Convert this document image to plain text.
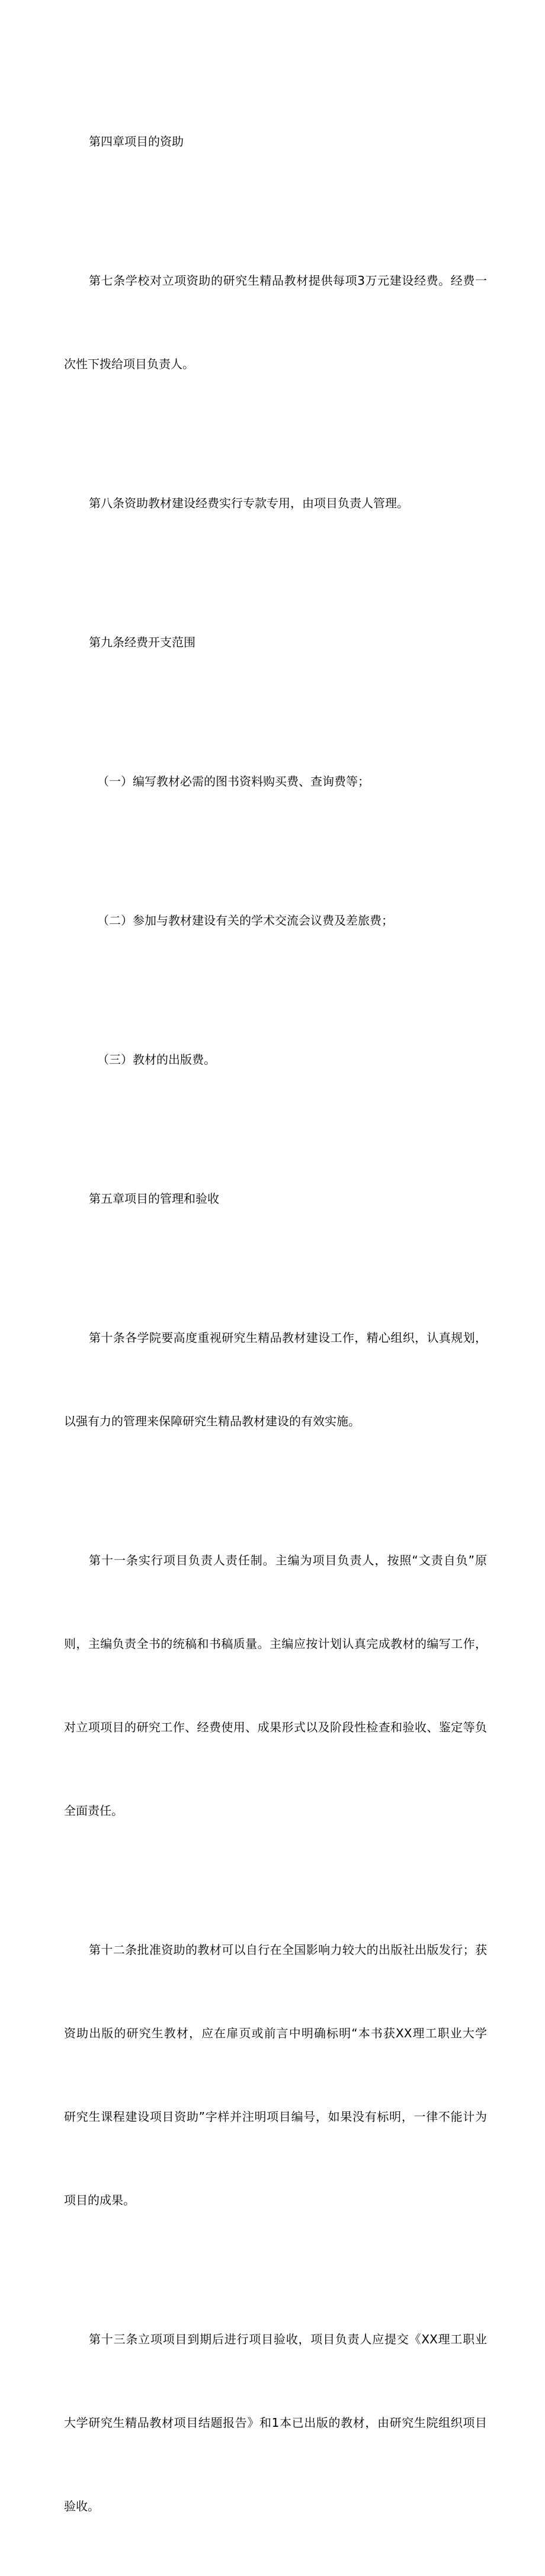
第四章项目的资助

第七条学校对立项资助的研究生精品教材提供每项3万元建设经费。经费一

次性下拨给项目负责人。

第八条资助教材建设经费实行专款专用，由项目负责人管理。

第九条经费开支范围

（一）编写教材必需的图书资料购买费、查询费等；

（二）参加与教材建设有关的学术交流会议费及差旅费；

（三）教材的出版费。

第五章项目的管理和验收

第十条各学院要高度重视研究生精品教材建设工作，精心组织，认真规划，

以强有力的管理来保障研究生精品教材建设的有效实施。

第十一条实行项目负责人责任制。主编为项目负责人，按照“文责自负”原

则，主编负责全书的统稿和书稿质量。主编应按计划认真完成教材的编写工作，

对立项项目的研究工作、经费使用、成果形式以及阶段性检查和验收、鉴定等负

全面责任。

第十二条批准资助的教材可以自行在全国影响力较大的出版社出版发行；获

资助出版的研究生教材，应在扉页或前言中明确标明“本书获XX理工职业大学

研究生课程建设项目资助”字样并注明项目编号，如果没有标明，一律不能计为

项目的成果。

第十三条立项项目到期后进行项目验收，项目负责人应提交《XX理工职业

大学研究生精品教材项目结题报告》和1本已出版的教材，由研究生院组织项目

验收。
